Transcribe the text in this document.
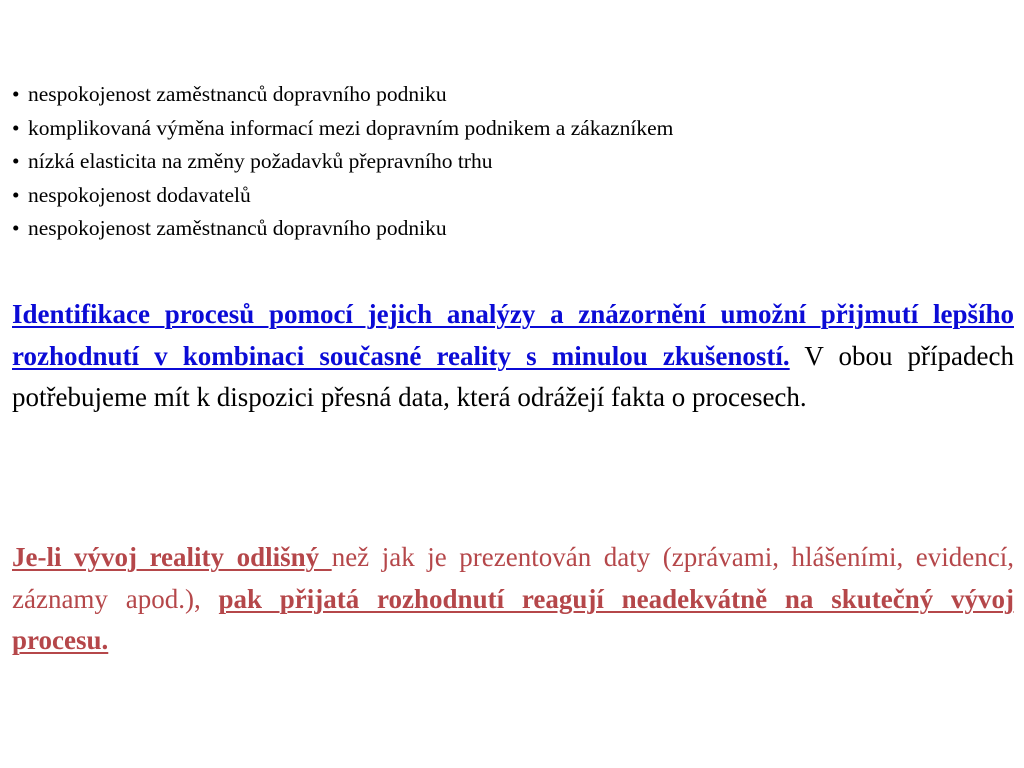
• nespokojenost zaměstnanců dopravního podniku
• komplikovaná výměna informací mezi dopravním podnikem a zákazníkem
• nízká elasticita na změny požadavků přepravního trhu
• nespokojenost dodavatelů
• nespokojenost zaměstnanců dopravního podniku

Identifikace procesů pomocí jejich analýzy a znázornění umožní přijmutí lepšího rozhodnutí v kombinaci současné reality s minulou zkušeností. V obou případech potřebujeme mít k dispozici přesná data, která odrážejí fakta o procesech.

Je-li vývoj reality odlišný než jak je prezentován daty (zprávami, hlášeními, evidencí, záznamy apod.), pak přijatá rozhodnutí reagují neadekvátně na skutečný vývoj procesu.
